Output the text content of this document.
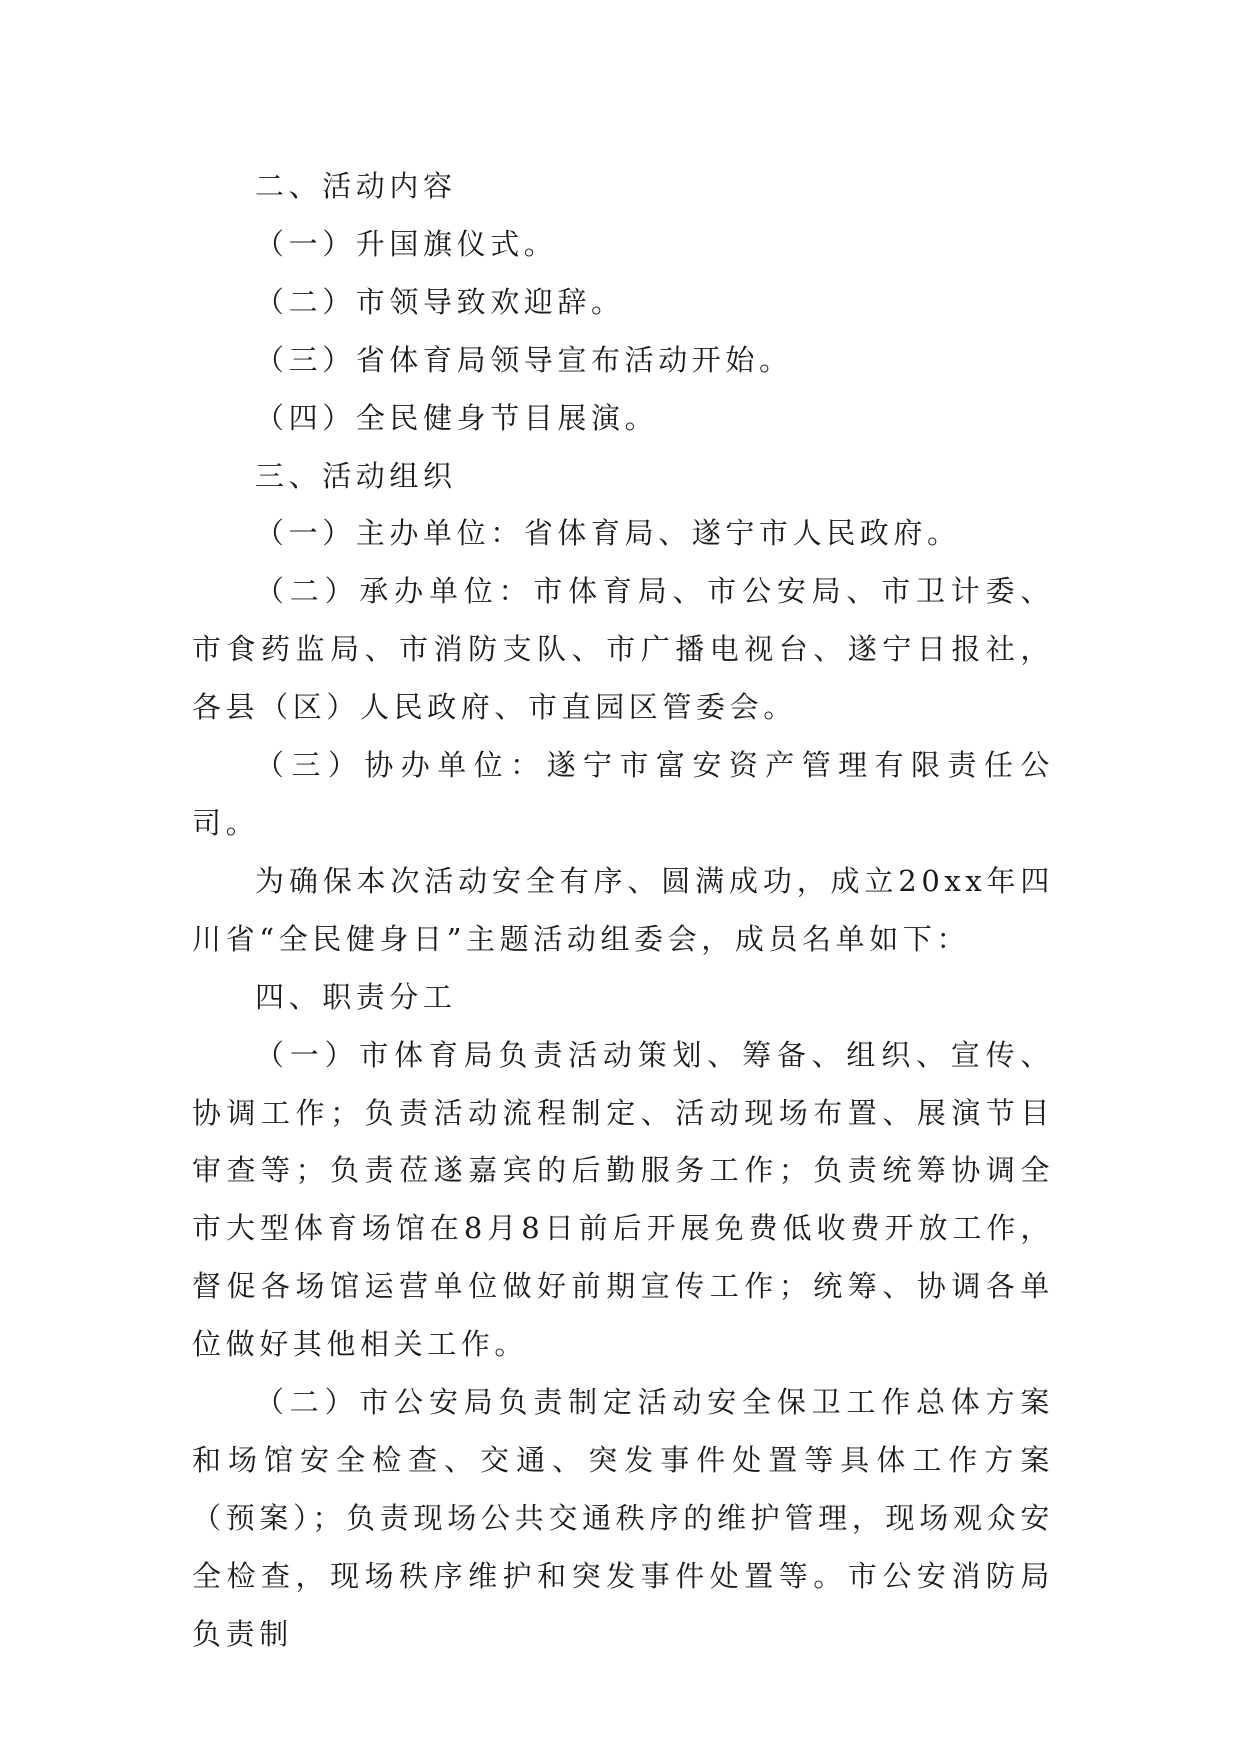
二、活动内容

（一）升国旗仪式。

（二）市领导致欢迎辞。

（三）省体育局领导宣布活动开始。

（四）全民健身节目展演。

三、活动组织

（一）主办单位：省体育局、遂宁市人民政府。

（二）承办单位：市体育局、市公安局、市卫计委、市食药监局、市消防支队、市广播电视台、遂宁日报社，各县（区）人民政府、市直园区管委会。

（三）协办单位：遂宁市富安资产管理有限责任公司。

为确保本次活动安全有序、圆满成功，成立20xx年四川省“全民健身日”主题活动组委会，成员名单如下：

四、职责分工

（一）市体育局负责活动策划、筹备、组织、宣传、协调工作；负责活动流程制定、活动现场布置、展演节目审查等；负责莅遂嘉宾的后勤服务工作；负责统筹协调全市大型体育场馆在8月8日前后开展免费低收费开放工作，督促各场馆运营单位做好前期宣传工作；统筹、协调各单位做好其他相关工作。

（二）市公安局负责制定活动安全保卫工作总体方案和场馆安全检查、交通、突发事件处置等具体工作方案（预案）；负责现场公共交通秩序的维护管理，现场观众安全检查，现场秩序维护和突发事件处置等。市公安消防局负责制
